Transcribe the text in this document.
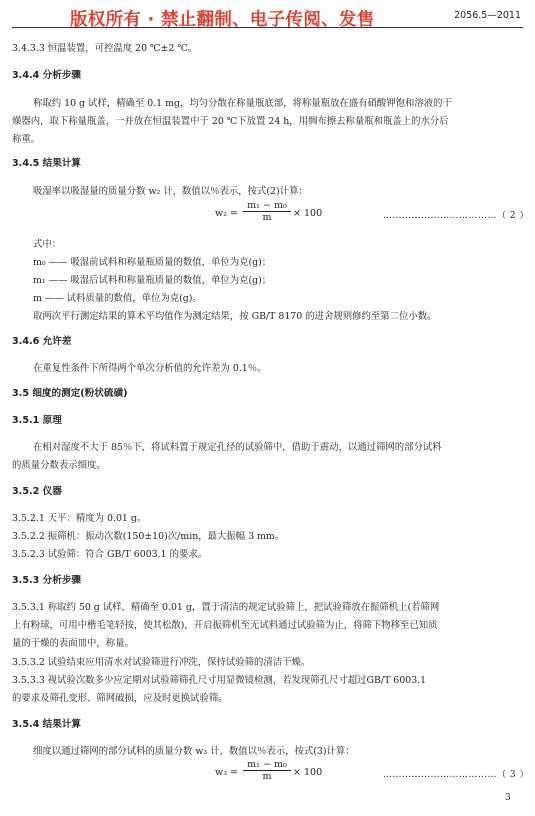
版权所有 · 禁止翻制、电子传阅、发售	2056.5—2011
3.4.3.3 恒温装置，可控温度 20 ℃±2 ℃。
3.4.4 分析步骤
称取约 10 g 试样，精确至 0.1 mg，均匀分散在称量瓶底部，将称量瓶放在盛有硝酸钾饱和溶液的干
燥器内，取下称量瓶盖，一并放在恒温装置中于 20 ℃下放置 24 h，用绸布擦去称量瓶和瓶盖上的水分后
称重。
3.4.5 结果计算
吸湿率以吸湿量的质量分数 w₂ 计，数值以％表示，按式(2)计算：
w₂ =
m₁ − m₀
m	× 100	………………………………（ 2 ）
式中：
m₀ —— 吸湿前试料和称量瓶质量的数值，单位为克(g)；
m₁ —— 吸湿后试料和称量瓶质量的数值，单位为克(g)；
m —— 试料质量的数值，单位为克(g)。
取两次平行测定结果的算术平均值作为测定结果，按 GB/T 8170 的进舍规则修约至第二位小数。
3.4.6 允许差
在重复性条件下所得两个单次分析值的允许差为 0.1％。
3.5 细度的测定(粉状硫磺)
3.5.1 原理
在相对湿度不大于 85％下，将试料置于规定孔径的试验筛中，借助于震动，以通过筛网的部分试料
的质量分数表示细度。
3.5.2 仪器
3.5.2.1 天平：精度为 0.01 g。
3.5.2.2 振筛机：振动次数(150±10)次/min，最大振幅 3 mm。
3.5.2.3 试验筛：符合 GB/T 6003.1 的要求。
3.5.3 分析步骤
3.5.3.1 称取约 50 g 试样，精确至 0.01 g，置于清洁的规定试验筛上，把试验筛放在振筛机上(若筛网
上有粉球，可用中楷毛笔轻按，使其松散)，开启振筛机至无试料通过试验筛为止，将筛下物移至已知质
量的干燥的表面皿中，称量。
3.5.3.2 试验结束应用清水对试验筛进行冲洗，保持试验筛的清洁干燥。
3.5.3.3 视试验次数多少应定期对试验筛筛孔尺寸用显微镜检测，若发现筛孔尺寸超过GB/T 6003.1
的要求及筛孔变形、筛网破损，应及时更换试验筛。
3.5.4 结果计算
细度以通过筛网的部分试料的质量分数 w₃ 计，数值以％表示，按式(3)计算：
w₃ =
m₁ − m₀
m	× 100	………………………………（ 3 ）
3
